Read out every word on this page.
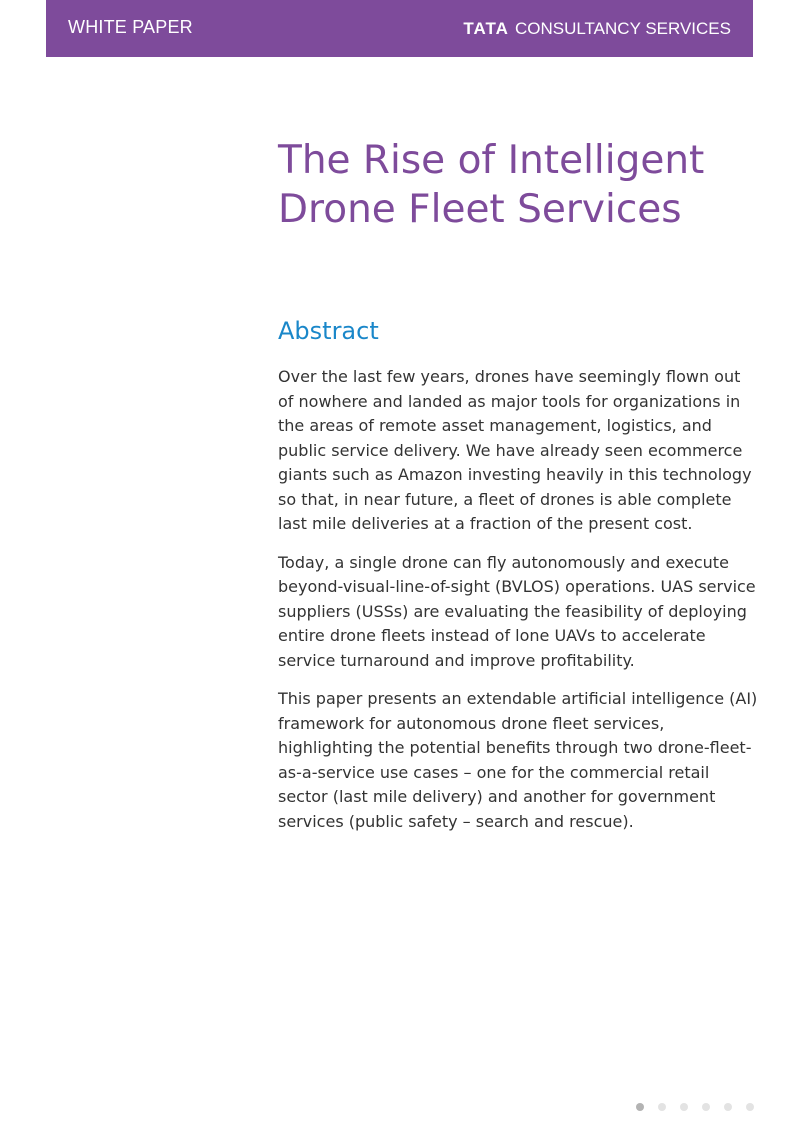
WHITE PAPER	TATA CONSULTANCY SERVICES
The Rise of Intelligent Drone Fleet Services
Abstract

Over the last few years, drones have seemingly flown out of nowhere and landed as major tools for organizations in the areas of remote asset management, logistics, and public service delivery. We have already seen ecommerce giants such as Amazon investing heavily in this technology so that, in near future, a fleet of drones is able complete last mile deliveries at a fraction of the present cost.

Today, a single drone can fly autonomously and execute beyond-visual-line-of-sight (BVLOS) operations. UAS service suppliers (USSs) are evaluating the feasibility of deploying entire drone fleets instead of lone UAVs to accelerate service turnaround and improve profitability.

This paper presents an extendable artificial intelligence (AI) framework for autonomous drone fleet services, highlighting the potential benefits through two drone-fleet-as-a-service use cases – one for the commercial retail sector (last mile delivery) and another for government services (public safety – search and rescue).
